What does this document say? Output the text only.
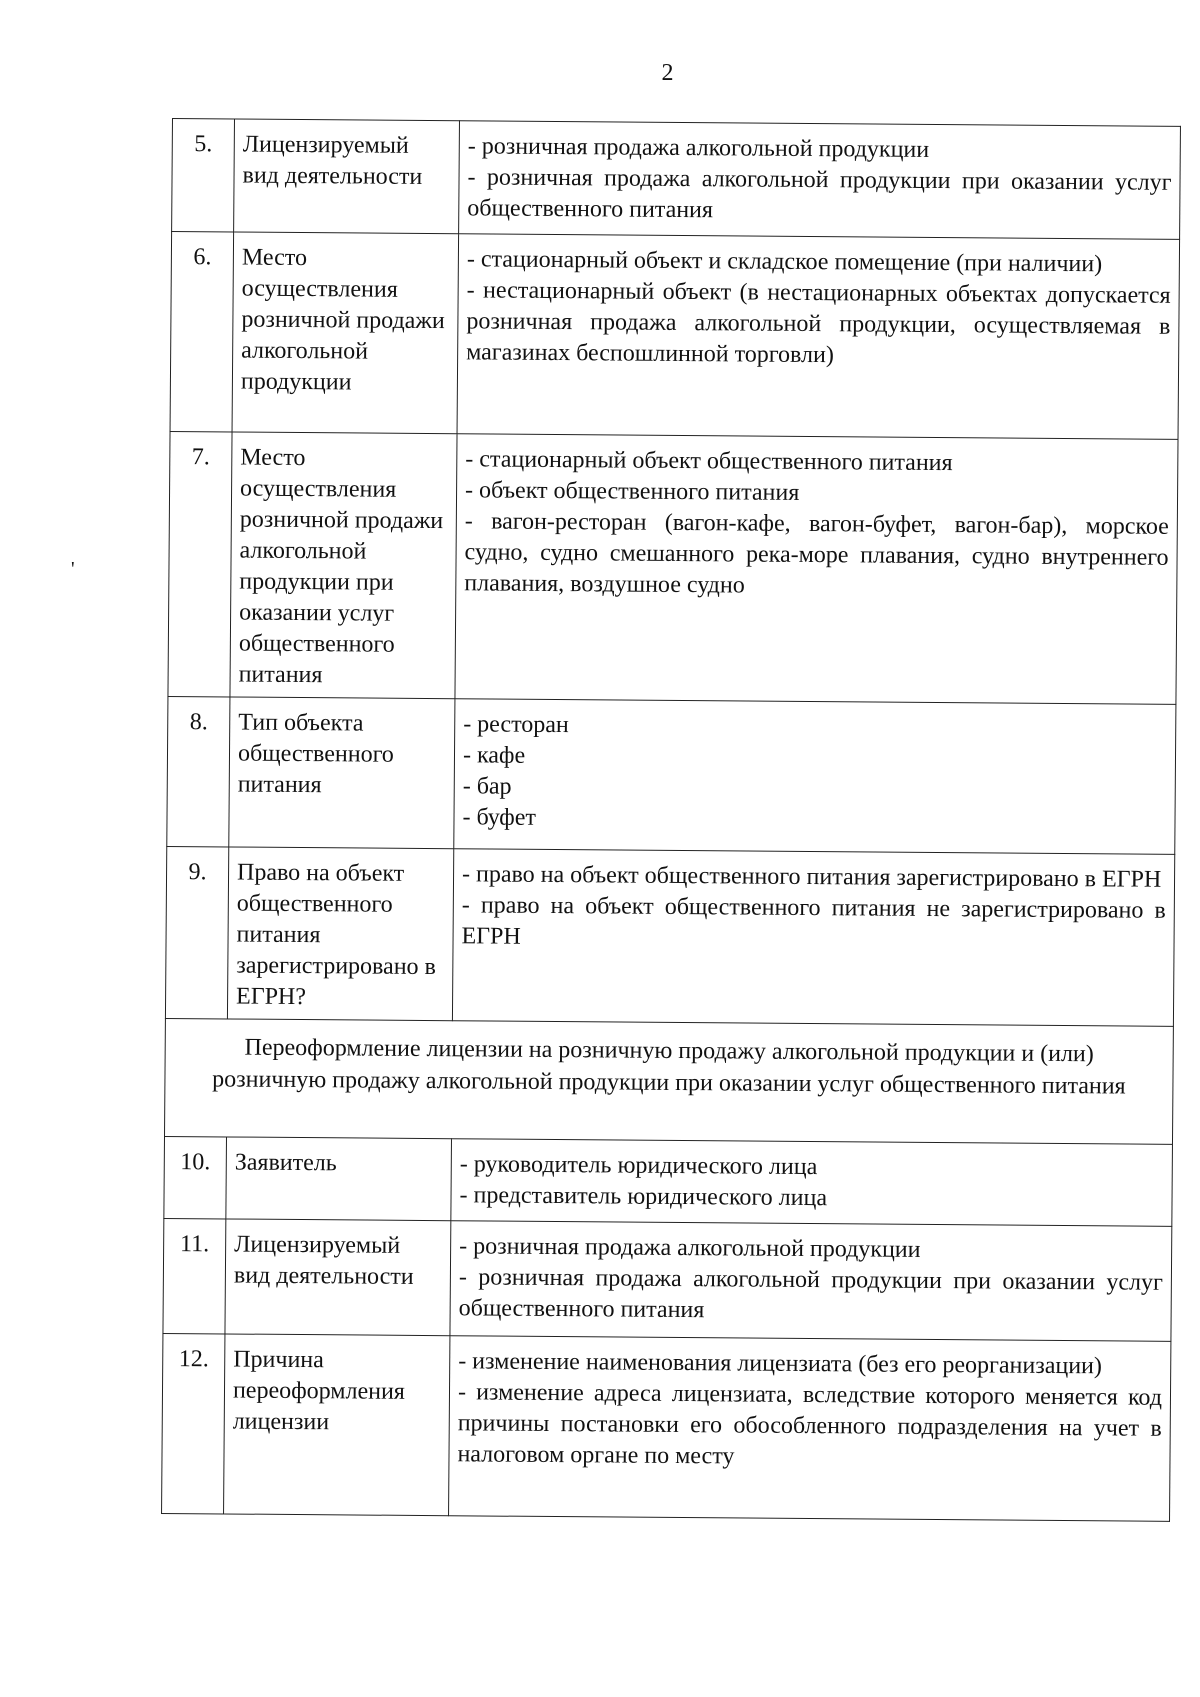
2
'
5.	Лицензируемый вид деятельности	- розничная продажа алкогольной продукции
- розничная продажа алкогольной продукции при оказании услуг общественного питания

6.	Место осуществления розничной продажи алкогольной продукции	- стационарный объект и складское помещение (при наличии)
- нестационарный объект (в нестационарных объектах допускается розничная продажа алкогольной продукции, осуществляемая в магазинах беспошлинной торговли)

7.	Место осуществления розничной продажи алкогольной продукции при оказании услуг общественного питания	- стационарный объект общественного питания
- объект общественного питания
- вагон-ресторан (вагон-кафе, вагон-буфет, вагон-бар), морское судно, судно смешанного река-море плавания, судно внутреннего плавания, воздушное судно

8.	Тип объекта общественного питания	- ресторан
- кафе
- бар
- буфет

9.	Право на объект общественного питания зарегистрировано в ЕГРН?	- право на объект общественного питания зарегистрировано в ЕГРН
- право на объект общественного питания не зарегистрировано в ЕГРН

Переоформление лицензии на розничную продажу алкогольной продукции и (или) розничную продажу алкогольной продукции при оказании услуг общественного питания		
10.	Заявитель	- руководитель юридического лица
- представитель юридического лица

11.	Лицензируемый вид деятельности	- розничная продажа алкогольной продукции
- розничная продажа алкогольной продукции при оказании услуг общественного питания

12.	Причина переоформления лицензии	- изменение наименования лицензиата (без его реорганизации)
- изменение адреса лицензиата, вследствие которого меняется код причины постановки его обособленного подразделения на учет в налоговом органе по месту
